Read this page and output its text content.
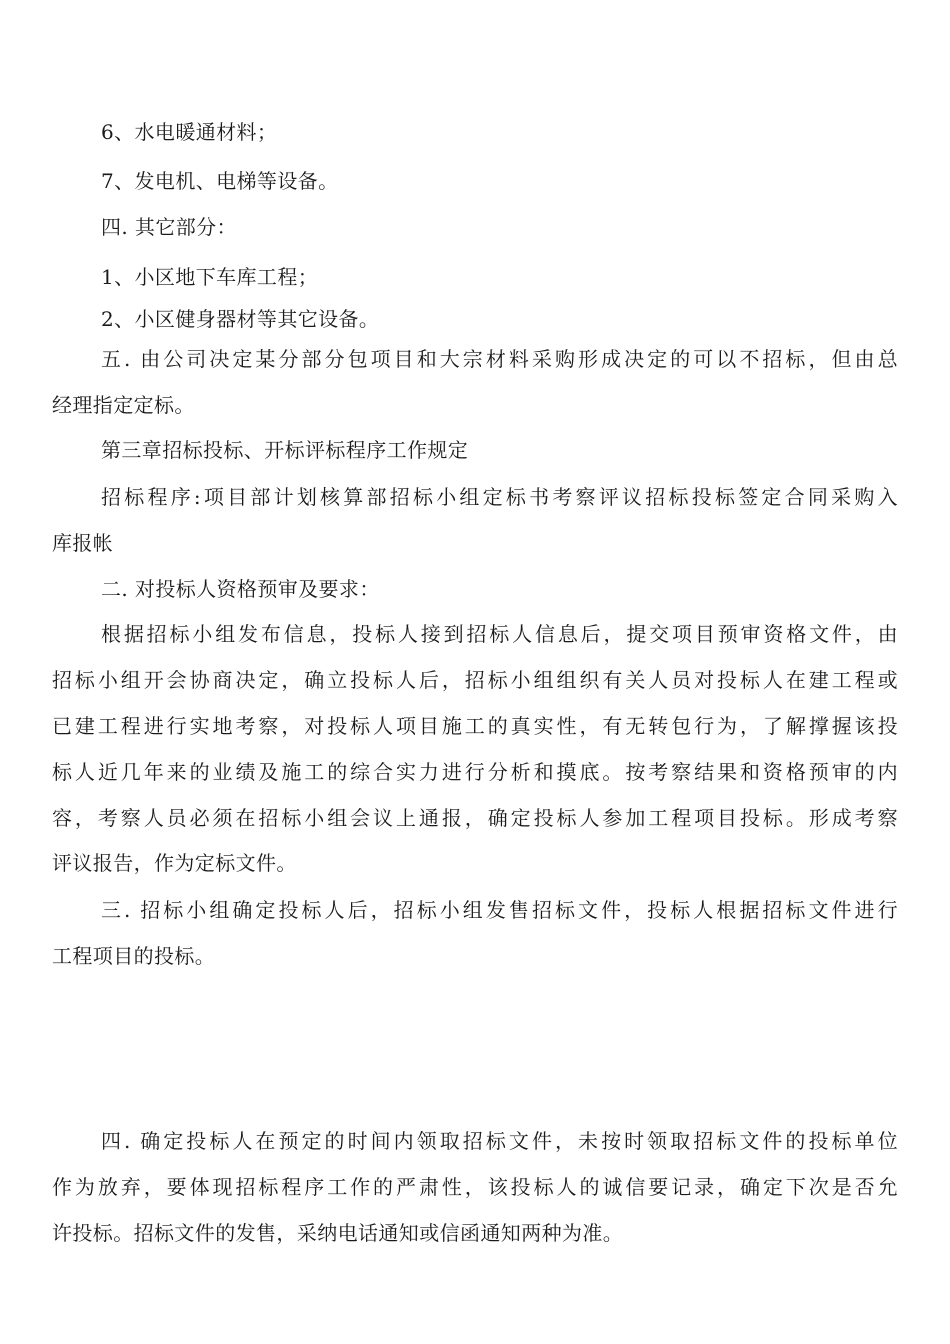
6、水电暖通材料；
7、发电机、电梯等设备。
四. 其它部分：
1、小区地下车库工程；
2、小区健身器材等其它设备。
五. 由公司决定某分部分包项目和大宗材料采购形成决定的可以不招标，但由总
经理指定定标。
第三章招标投标、开标评标程序工作规定
招标程序:项目部计划核算部招标小组定标书考察评议招标投标签定合同采购入
库报帐
二. 对投标人资格预审及要求：
根据招标小组发布信息，投标人接到招标人信息后，提交项目预审资格文件，由
招标小组开会协商决定，确立投标人后，招标小组组织有关人员对投标人在建工程或
已建工程进行实地考察，对投标人项目施工的真实性，有无转包行为，了解撑握该投
标人近几年来的业绩及施工的综合实力进行分析和摸底。按考察结果和资格预审的内
容，考察人员必须在招标小组会议上通报，确定投标人参加工程项目投标。形成考察
评议报告，作为定标文件。
三. 招标小组确定投标人后，招标小组发售招标文件，投标人根据招标文件进行
工程项目的投标。
四. 确定投标人在预定的时间内领取招标文件，未按时领取招标文件的投标单位
作为放弃，要体现招标程序工作的严肃性，该投标人的诚信要记录，确定下次是否允
许投标。招标文件的发售，采纳电话通知或信函通知两种为准。
